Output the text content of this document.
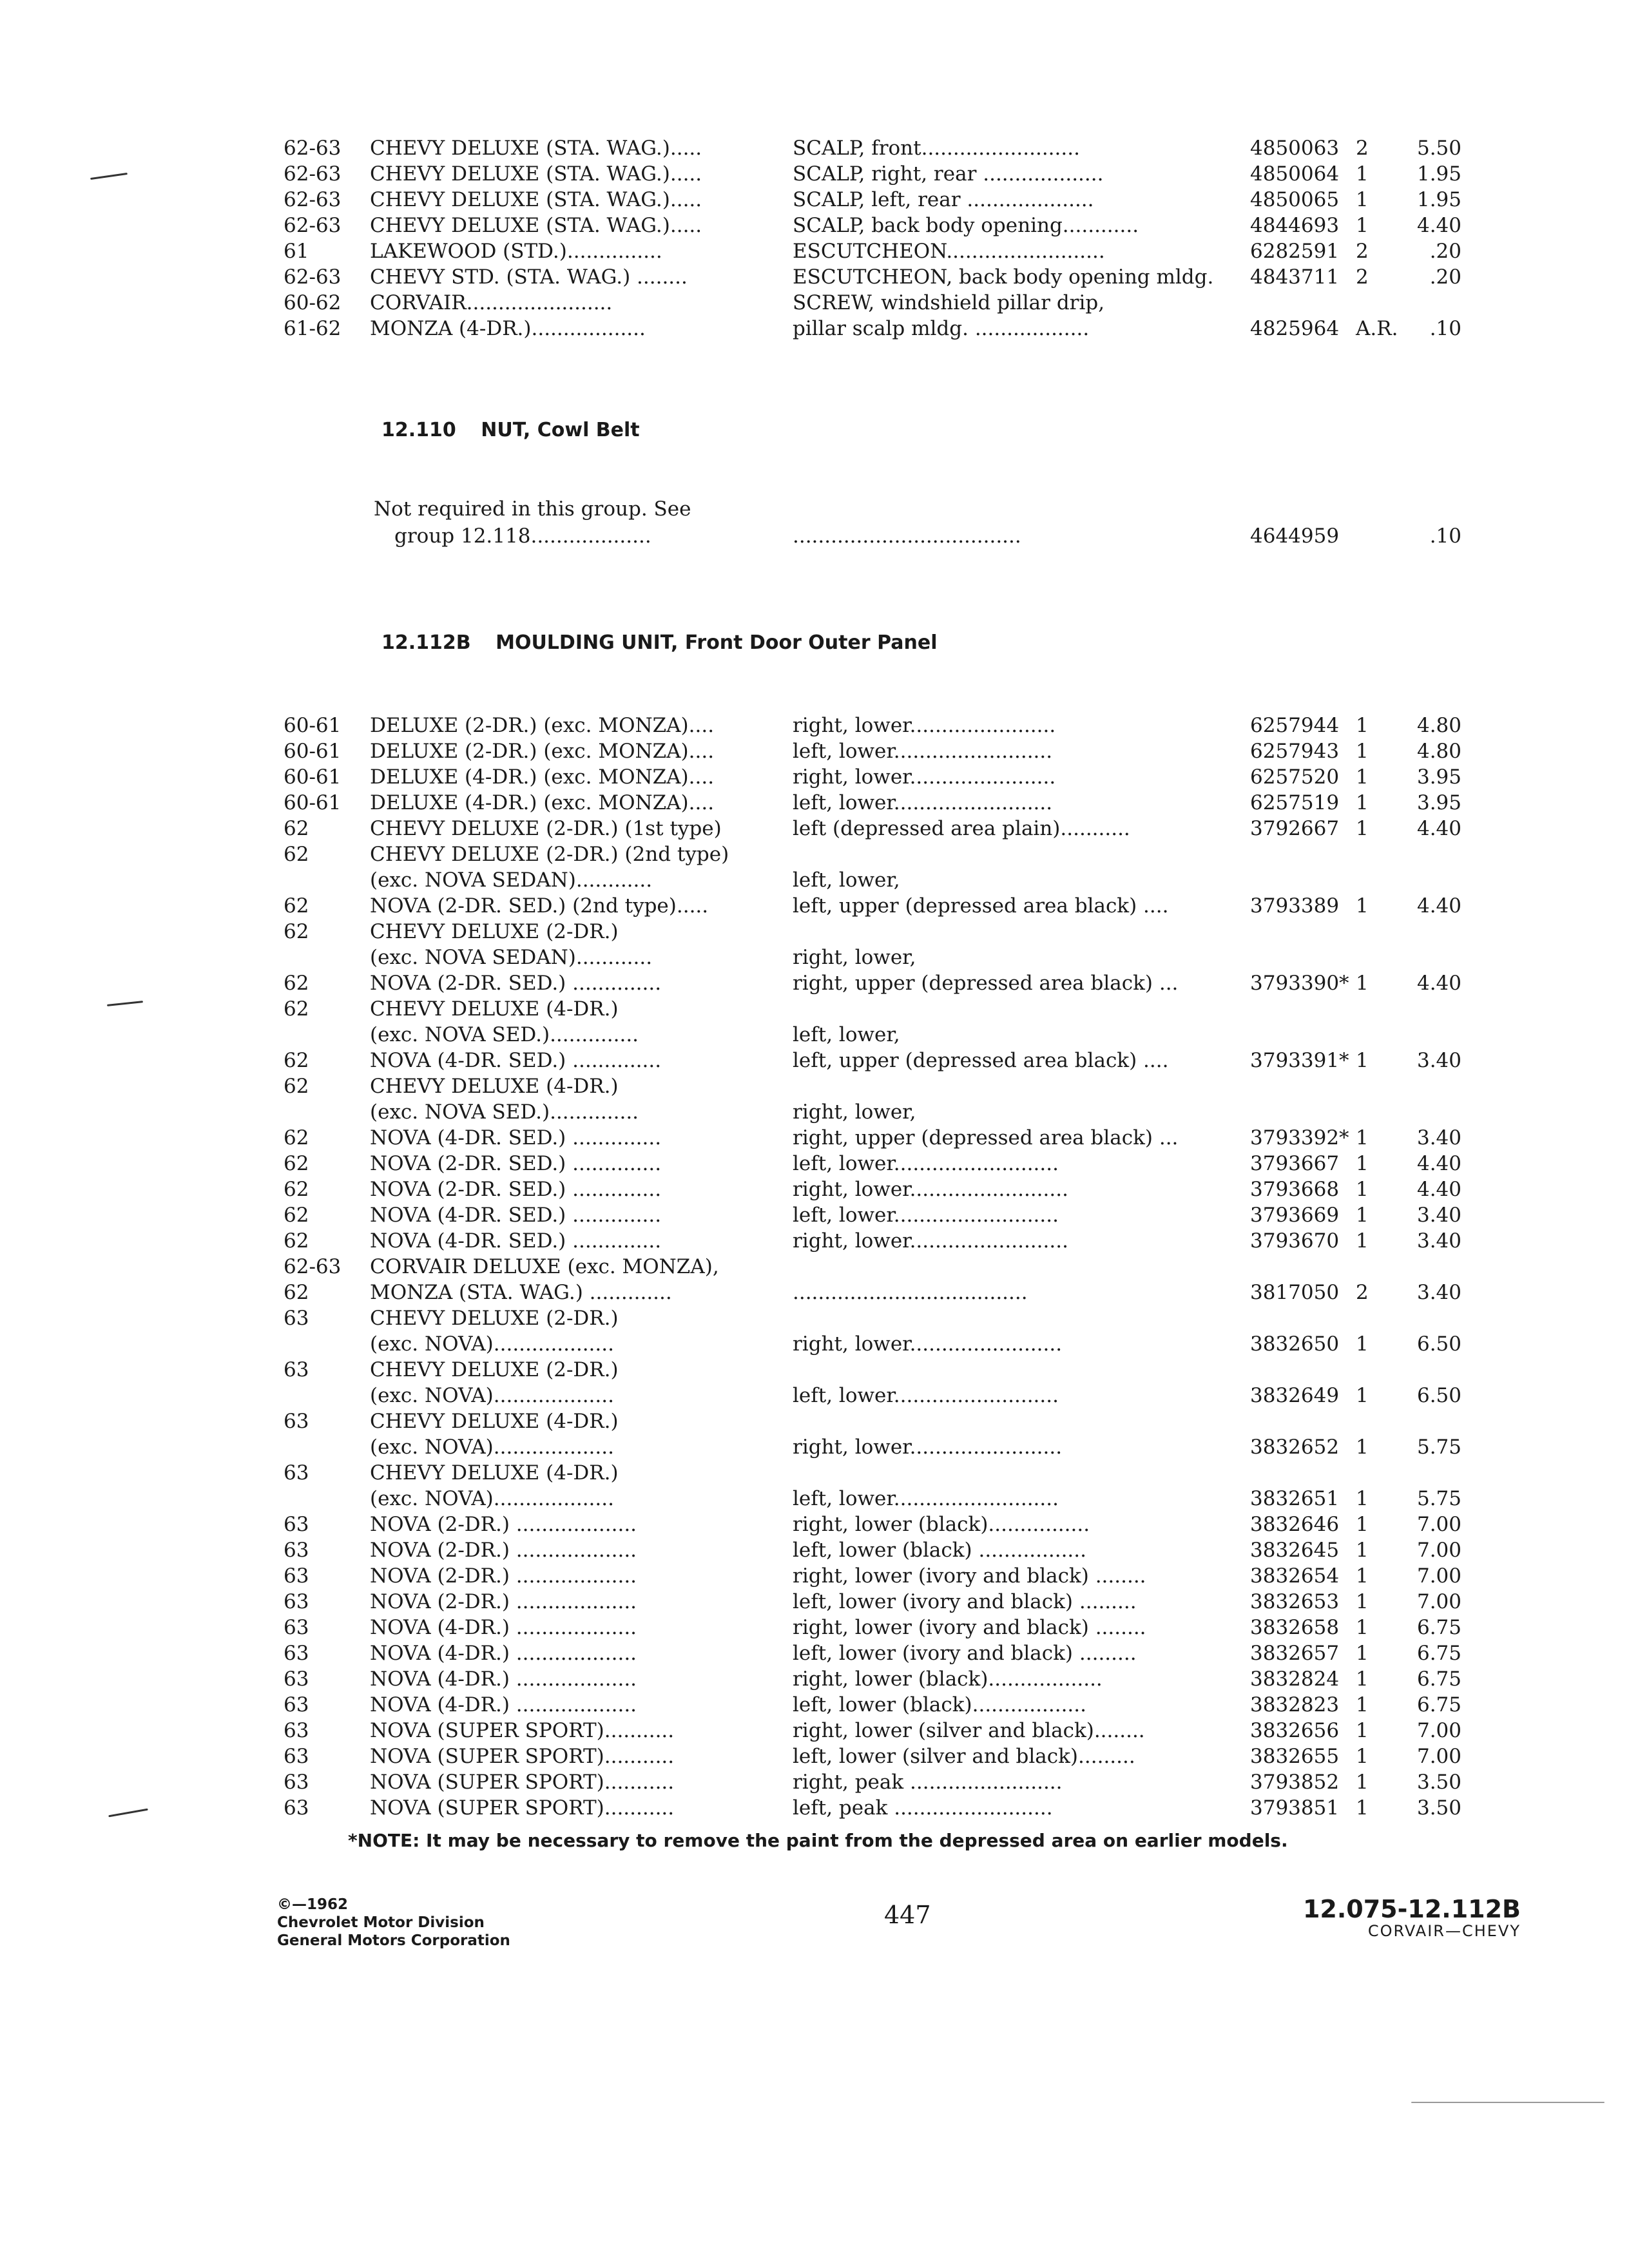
62-63 CHEVY DELUXE (STA. WAG.).....	SCALP, front.........................	4850063 2	5.50
62-63 CHEVY DELUXE (STA. WAG.).....	SCALP, right, rear ...................	4850064 1	1.95
62-63 CHEVY DELUXE (STA. WAG.).....	SCALP, left, rear ....................	4850065 1	1.95
62-63 CHEVY DELUXE (STA. WAG.).....	SCALP, back body opening............	4844693 1	4.40
61	LAKEWOOD (STD.)...............	ESCUTCHEON.........................	6282591 2	.20
62-63 CHEVY STD. (STA. WAG.) ........	ESCUTCHEON, back body opening mldg. 4843711 2	.20
60-62 CORVAIR.......................	SCREW, windshield pillar drip,
61-62 MONZA (4-DR.)..................	pillar scalp mldg. ..................	4825964 A.R.	.10
12.110 NUT, Cowl Belt
Not required in this group. See
group 12.118...................	....................................	4644959	.10
12.112B MOULDING UNIT, Front Door Outer Panel
60-61 DELUXE (2-DR.) (exc. MONZA)....	right, lower.......................	6257944 1	4.80
60-61 DELUXE (2-DR.) (exc. MONZA)....	left, lower.........................	6257943 1	4.80
60-61 DELUXE (4-DR.) (exc. MONZA)....	right, lower.......................	6257520 1	3.95
60-61 DELUXE (4-DR.) (exc. MONZA)....	left, lower.........................	6257519 1	3.95
62	CHEVY DELUXE (2-DR.) (1st type)	left (depressed area plain)...........	3792667 1	4.40
62	CHEVY DELUXE (2-DR.) (2nd type)
(exc. NOVA SEDAN)............	left, lower,
62	NOVA (2-DR. SED.) (2nd type).....	left, upper (depressed area black) ....	3793389 1	4.40
62	CHEVY DELUXE (2-DR.)
(exc. NOVA SEDAN)............	right, lower,
62	NOVA (2-DR. SED.) ..............	right, upper (depressed area black) ...	3793390* 1	4.40
62	CHEVY DELUXE (4-DR.)
(exc. NOVA SED.)..............	left, lower,
62	NOVA (4-DR. SED.) ..............	left, upper (depressed area black) ....	3793391* 1	3.40
62	CHEVY DELUXE (4-DR.)
(exc. NOVA SED.)..............	right, lower,
62	NOVA (4-DR. SED.) ..............	right, upper (depressed area black) ...	3793392* 1	3.40
62	NOVA (2-DR. SED.) ..............	left, lower..........................	3793667 1	4.40
62	NOVA (2-DR. SED.) ..............	right, lower.........................	3793668 1	4.40
62	NOVA (4-DR. SED.) ..............	left, lower..........................	3793669 1	3.40
62	NOVA (4-DR. SED.) ..............	right, lower.........................	3793670 1	3.40
62-63 CORVAIR DELUXE (exc. MONZA),
62	MONZA (STA. WAG.) .............	.....................................	3817050 2	3.40
63	CHEVY DELUXE (2-DR.)
(exc. NOVA)...................	right, lower........................	3832650 1	6.50
63	CHEVY DELUXE (2-DR.)
(exc. NOVA)...................	left, lower..........................	3832649 1	6.50
63	CHEVY DELUXE (4-DR.)
(exc. NOVA)...................	right, lower........................	3832652 1	5.75
63	CHEVY DELUXE (4-DR.)
(exc. NOVA)...................	left, lower..........................	3832651 1	5.75
63	NOVA (2-DR.) ...................	right, lower (black)................	3832646 1	7.00
63	NOVA (2-DR.) ...................	left, lower (black) .................	3832645 1	7.00
63	NOVA (2-DR.) ...................	right, lower (ivory and black) ........	3832654 1	7.00
63	NOVA (2-DR.) ...................	left, lower (ivory and black) .........	3832653 1	7.00
63	NOVA (4-DR.) ...................	right, lower (ivory and black) ........	3832658 1	6.75
63	NOVA (4-DR.) ...................	left, lower (ivory and black) .........	3832657 1	6.75
63	NOVA (4-DR.) ...................	right, lower (black)..................	3832824 1	6.75
63	NOVA (4-DR.) ...................	left, lower (black)..................	3832823 1	6.75
63	NOVA (SUPER SPORT)...........	right, lower (silver and black)........	3832656 1	7.00
63	NOVA (SUPER SPORT)...........	left, lower (silver and black).........	3832655 1	7.00
63	NOVA (SUPER SPORT)...........	right, peak ........................	3793852 1	3.50
63	NOVA (SUPER SPORT)...........	left, peak .........................	3793851 1	3.50
*NOTE: It may be necessary to remove the paint from the depressed area on earlier models.
©—1962
Chevrolet Motor Division
General Motors Corporation
447	12.075-12.112B
CORVAIR—CHEVY
